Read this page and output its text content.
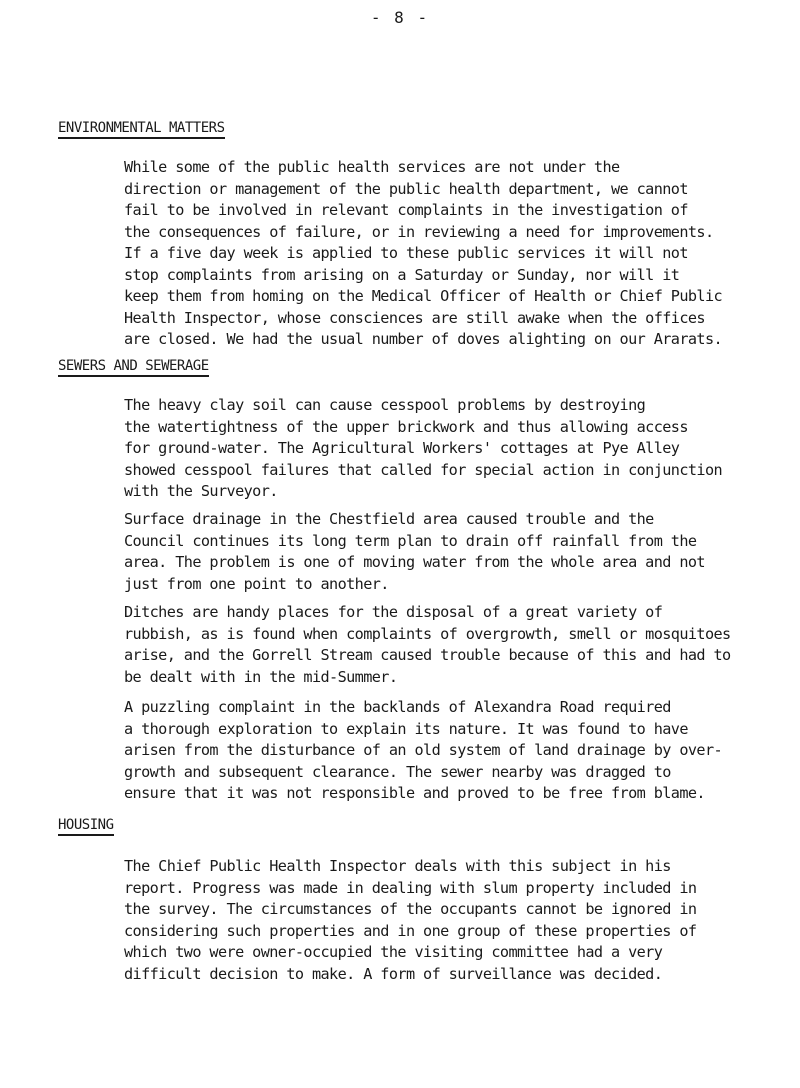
- 8 -
ENVIRONMENTAL MATTERS

While some of the public health services are not under the
direction or management of the public health department, we cannot
fail to be involved in relevant complaints in the investigation of
the consequences of failure, or in reviewing a need for improvements.
If a five day week is applied to these public services it will not
stop complaints from arising on a Saturday or Sunday, nor will it
keep them from homing on the Medical Officer of Health or Chief Public
Health Inspector, whose consciences are still awake when the offices
are closed. We had the usual number of doves alighting on our Ararats.

SEWERS AND SEWERAGE

The heavy clay soil can cause cesspool problems by destroying
the watertightness of the upper brickwork and thus allowing access
for ground-water. The Agricultural Workers' cottages at Pye Alley
showed cesspool failures that called for special action in conjunction
with the Surveyor.

Surface drainage in the Chestfield area caused trouble and the
Council continues its long term plan to drain off rainfall from the
area. The problem is one of moving water from the whole area and not
just from one point to another.

Ditches are handy places for the disposal of a great variety of
rubbish, as is found when complaints of overgrowth, smell or mosquitoes
arise, and the Gorrell Stream caused trouble because of this and had to
be dealt with in the mid-Summer.

A puzzling complaint in the backlands of Alexandra Road required
a thorough exploration to explain its nature. It was found to have
arisen from the disturbance of an old system of land drainage by over-
growth and subsequent clearance. The sewer nearby was dragged to
ensure that it was not responsible and proved to be free from blame.

HOUSING

The Chief Public Health Inspector deals with this subject in his
report. Progress was made in dealing with slum property included in
the survey. The circumstances of the occupants cannot be ignored in
considering such properties and in one group of these properties of
which two were owner-occupied the visiting committee had a very
difficult decision to make. A form of surveillance was decided.
